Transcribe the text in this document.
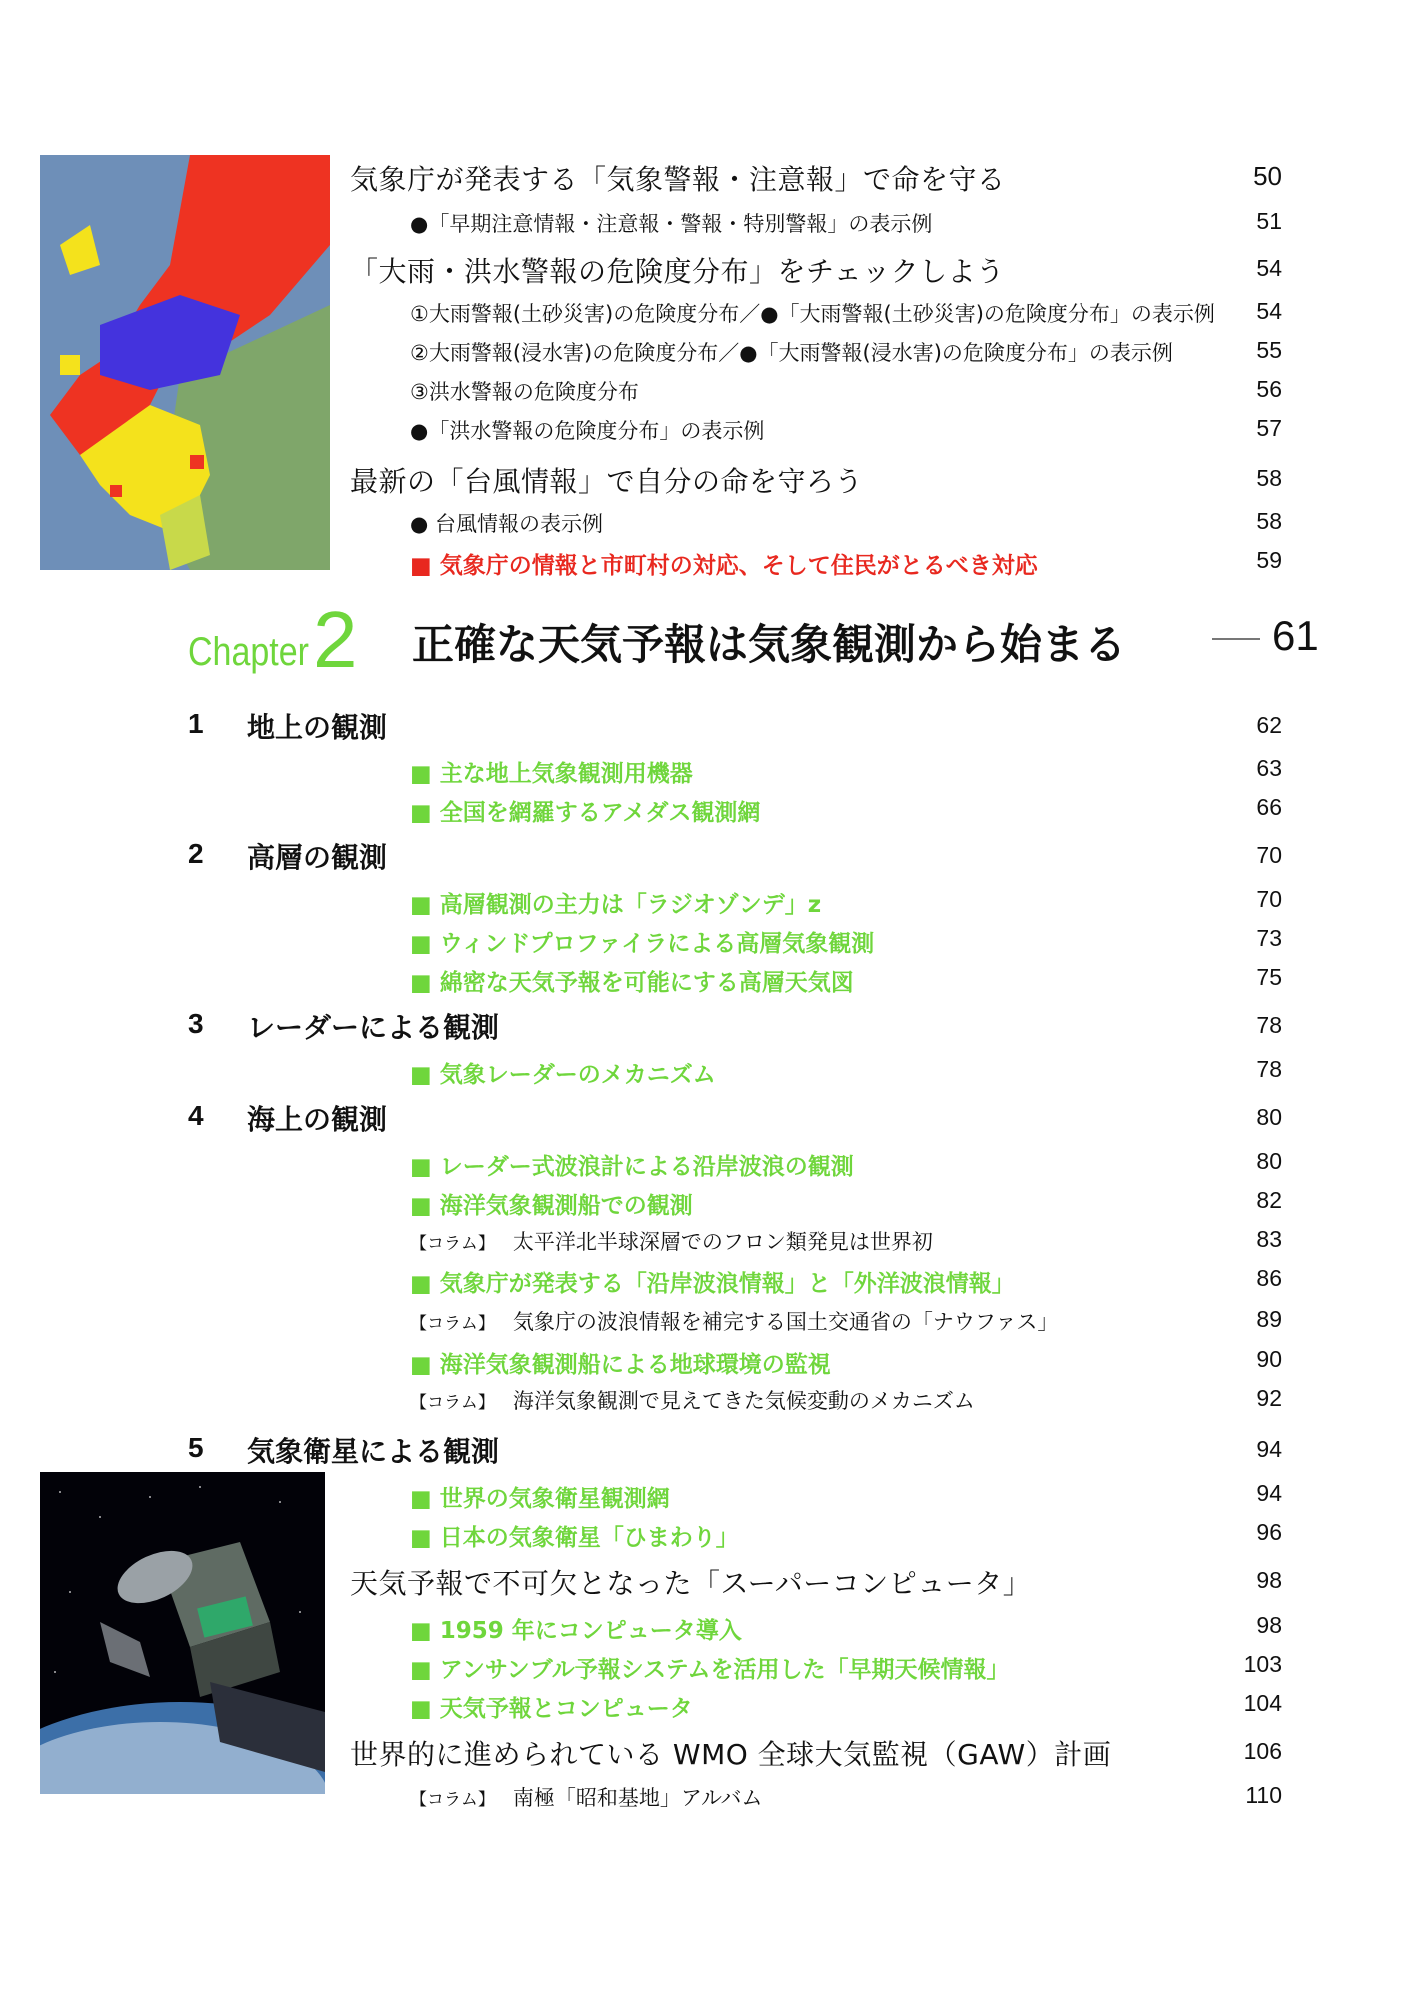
気象庁が発表する「気象警報・注意報」で命を守る	50
●「早期注意情報・注意報・警報・特別警報」の表示例	51
「大雨・洪水警報の危険度分布」をチェックしよう	54
①大雨警報(土砂災害)の危険度分布／●「大雨警報(土砂災害)の危険度分布」の表示例 54
②大雨警報(浸水害)の危険度分布／●「大雨警報(浸水害)の危険度分布」の表示例	55
③洪水警報の危険度分布	56
●「洪水警報の危険度分布」の表示例	57
最新の「台風情報」で自分の命を守ろう	58
● 台風情報の表示例	58
■ 気象庁の情報と市町村の対応、そして住民がとるべき対応	59
Chapter 2 正確な天気予報は気象観測から始まる	61
1 地上の観測	62
■ 主な地上気象観測用機器	63
■ 全国を網羅するアメダス観測網	66
2 高層の観測	70
■ 高層観測の主力は「ラジオゾンデ」z	70
■ ウィンドプロファイラによる高層気象観測	73
■ 綿密な天気予報を可能にする高層天気図	75
3 レーダーによる観測	78
■ 気象レーダーのメカニズム	78
4 海上の観測	80
■ レーダー式波浪計による沿岸波浪の観測	80
■ 海洋気象観測船での観測	82
【コラム】 太平洋北半球深層でのフロン類発見は世界初	83
■ 気象庁が発表する「沿岸波浪情報」と「外洋波浪情報」	86
【コラム】 気象庁の波浪情報を補完する国土交通省の「ナウファス」	89
■ 海洋気象観測船による地球環境の監視	90
【コラム】 海洋気象観測で見えてきた気候変動のメカニズム	92
5 気象衛星による観測	94
■ 世界の気象衛星観測網	94
■ 日本の気象衛星「ひまわり」	96
天気予報で不可欠となった「スーパーコンピュータ」	98
■ 1959 年にコンピュータ導入	98
■ アンサンブル予報システムを活用した「早期天候情報」	103
■ 天気予報とコンピュータ	104
世界的に進められている WMO 全球大気監視（GAW）計画	106
【コラム】 南極「昭和基地」アルバム	110
